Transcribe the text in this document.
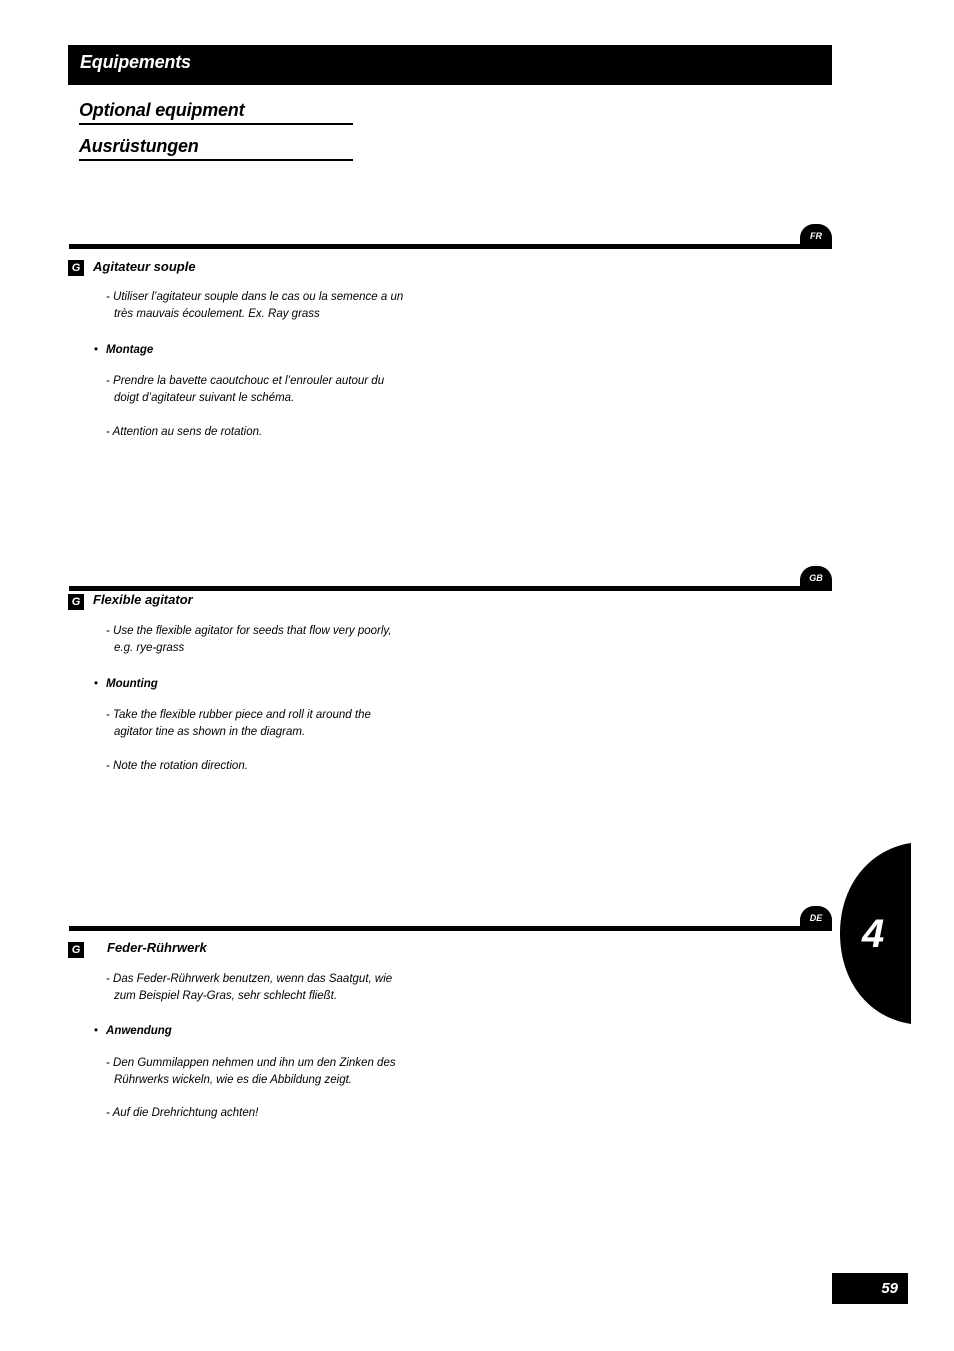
Equipements
Optional equipment
Ausrüstungen
FR
G Agitateur souple
- Utiliser l’agitateur souple dans le cas ou la semence a un
très mauvais écoulement. Ex. Ray grass
• Montage
- Prendre la bavette caoutchouc et l’enrouler autour du
doigt d’agitateur suivant le schéma.
- Attention au sens de rotation.
GB
G Flexible agitator
- Use the flexible agitator for seeds that flow very poorly,
e.g. rye-grass
• Mounting
- Take the flexible rubber piece and roll it around the
agitator tine as shown in the diagram.
- Note the rotation direction.
DE
G Feder-Rührwerk
- Das Feder-Rührwerk benutzen, wenn das Saatgut, wie
zum Beispiel Ray-Gras, sehr schlecht fließt.
• Anwendung
- Den Gummilappen nehmen und ihn um den Zinken des
Rührwerks wickeln, wie es die Abbildung zeigt.
- Auf die Drehrichtung achten!
4
59
